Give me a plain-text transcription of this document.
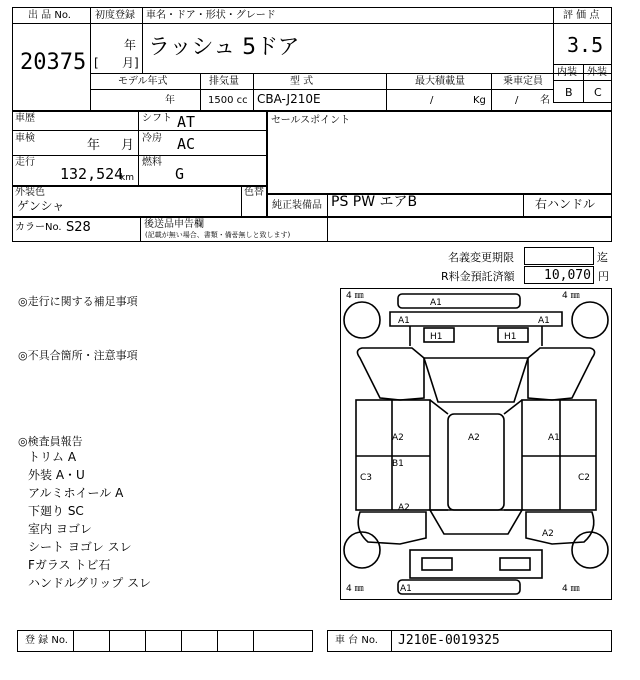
出 品 No.
20375
初度登録
年
[ 月]
車名・ドア・形状・グレード
ラッシュ 5ドア
評 価 点
3.5
内装 外装
B C
モデル年式
年
排気量
1500 cc
型 式
CBA-J210E
最大積載量
/	Kg
乗車定員
/ 名
車歴	シフト AT
車検	年 月 冷房 AC
走行
132,524
km
燃料
G
セールスポイント
外装色
ゲンシャ
色替
純正装備品 PS PW エアB	右ハンドル
カラーNo. S28	後送品申告欄
(記載が無い場合、書類・備품無しと致します)
名義変更期限	迄
R料金預託済額 10,070 円
◎走行に関する補足事項
◎不具合箇所・注意事項
◎検査員報告
トリム A
外装 A・U
アルミホイール A
下廻り SC
室内 ヨゴレ
シート ヨゴレ スレ
Fガラス トビ石
ハンドルグリップ スレ
4 ㎜	4 ㎜
4 ㎜	4 ㎜
A1
A1	A1
H1	H1
A2	A2	A1
B1
C3	C2
A2
A2
A1
登 録 No.	車 台 No. J210E-0019325
